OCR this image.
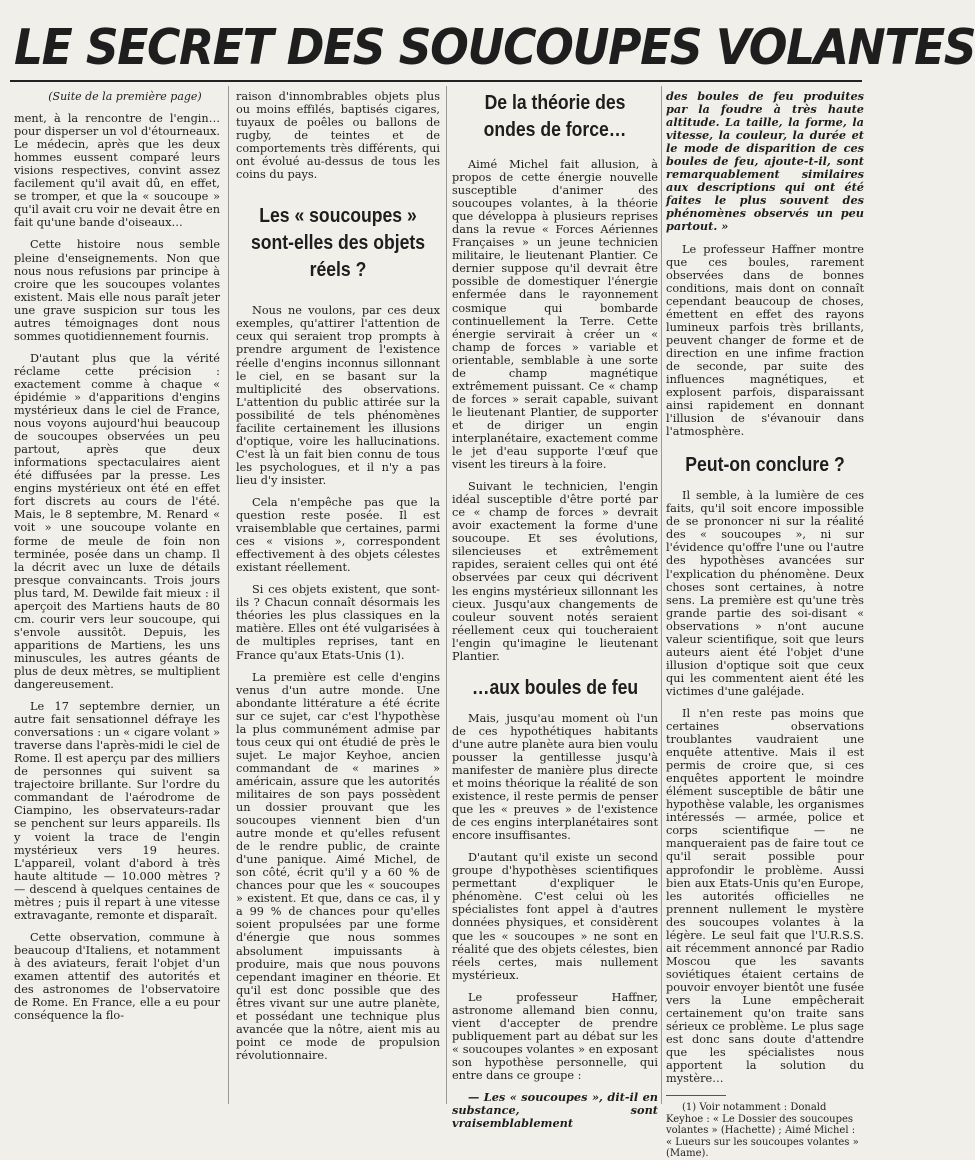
LE SECRET DES SOUCOUPES VOLANTES

(Suite de la première page)

ment, à la rencontre de l'engin… pour disperser un vol d'étourneaux. Le médecin, après que les deux hommes eussent comparé leurs visions respectives, convint assez facilement qu'il avait dû, en effet, se tromper, et que la « soucoupe » qu'il avait cru voir ne devait être en fait qu'une bande d'oiseaux…

Cette histoire nous semble pleine d'enseignements. Non que nous nous refusions par principe à croire que les soucoupes volantes existent. Mais elle nous paraît jeter une grave suspicion sur tous les autres témoignages dont nous sommes quotidiennement fournis.

D'autant plus que la vérité réclame cette précision : exactement comme à chaque « épidémie » d'apparitions d'engins mystérieux dans le ciel de France, nous voyons aujourd'hui beaucoup de soucoupes observées un peu partout, après que deux informations spectaculaires aient été diffusées par la presse. Les engins mystérieux ont été en effet fort discrets au cours de l'été. Mais, le 8 septembre, M. Renard « voit » une soucoupe volante en forme de meule de foin non terminée, posée dans un champ. Il la décrit avec un luxe de détails presque convaincants. Trois jours plus tard, M. Dewilde fait mieux : il aperçoit des Martiens hauts de 80 cm. courir vers leur soucoupe, qui s'envole aussitôt. Depuis, les apparitions de Martiens, les uns minuscules, les autres géants de plus de deux mètres, se multiplient dangereusement.

Le 17 septembre dernier, un autre fait sensationnel défraye les conversations : un « cigare volant » traverse dans l'après-midi le ciel de Rome. Il est aperçu par des milliers de personnes qui suivent sa trajectoire brillante. Sur l'ordre du commandant de l'aérodrome de Ciampino, les observateurs-radar se penchent sur leurs appareils. Ils y voient la trace de l'engin mystérieux vers 19 heures. L'appareil, volant d'abord à très haute altitude — 10.000 mètres ? — descend à quelques centaines de mètres ; puis il repart à une vitesse extravagante, remonte et disparaît.

Cette observation, commune à beaucoup d'Italiens, et notamment à des aviateurs, ferait l'objet d'un examen attentif des autorités et des astronomes de l'observatoire de Rome. En France, elle a eu pour conséquence la flo-

raison d'innombrables objets plus ou moins effilés, baptisés cigares, tuyaux de poêles ou ballons de rugby, de teintes et de comportements très différents, qui ont évolué au-dessus de tous les coins du pays.

Les « soucoupes » sont-elles des objets réels ?

Nous ne voulons, par ces deux exemples, qu'attirer l'attention de ceux qui seraient trop prompts à prendre argument de l'existence réelle d'engins inconnus sillonnant le ciel, en se basant sur la multiplicité des observations. L'attention du public attirée sur la possibilité de tels phénomènes facilite certainement les illusions d'optique, voire les hallucinations. C'est là un fait bien connu de tous les psychologues, et il n'y a pas lieu d'y insister.

Cela n'empêche pas que la question reste posée. Il est vraisemblable que certaines, parmi ces « visions », correspondent effectivement à des objets célestes existant réellement.

Si ces objets existent, que sont-ils ? Chacun connaît désormais les théories les plus classiques en la matière. Elles ont été vulgarisées à de multiples reprises, tant en France qu'aux Etats-Unis (1).

La première est celle d'engins venus d'un autre monde. Une abondante littérature a été écrite sur ce sujet, car c'est l'hypothèse la plus communément admise par tous ceux qui ont étudié de près le sujet. Le major Keyhoe, ancien commandant de « marines » américain, assure que les autorités militaires de son pays possèdent un dossier prouvant que les soucoupes viennent bien d'un autre monde et qu'elles refusent de le rendre public, de crainte d'une panique. Aimé Michel, de son côté, écrit qu'il y a 60 % de chances pour que les « soucoupes » existent. Et que, dans ce cas, il y a 99 % de chances pour qu'elles soient propulsées par une forme d'énergie que nous sommes absolument impuissants à produire, mais que nous pouvons cependant imaginer en théorie. Et qu'il est donc possible que des êtres vivant sur une autre planète, et possédant une technique plus avancée que la nôtre, aient mis au point ce mode de propulsion révolutionnaire.

De la théorie des ondes de force…

Aimé Michel fait allusion, à propos de cette énergie nouvelle susceptible d'animer des soucoupes volantes, à la théorie que développa à plusieurs reprises dans la revue « Forces Aériennes Françaises » un jeune technicien militaire, le lieutenant Plantier. Ce dernier suppose qu'il devrait être possible de domestiquer l'énergie enfermée dans le rayonnement cosmique qui bombarde continuellement la Terre. Cette énergie servirait à créer un « champ de forces » variable et orientable, semblable à une sorte de champ magnétique extrêmement puissant. Ce « champ de forces » serait capable, suivant le lieutenant Plantier, de supporter et de diriger un engin interplanétaire, exactement comme le jet d'eau supporte l'œuf que visent les tireurs à la foire.

Suivant le technicien, l'engin idéal susceptible d'être porté par ce « champ de forces » devrait avoir exactement la forme d'une soucoupe. Et ses évolutions, silencieuses et extrêmement rapides, seraient celles qui ont été observées par ceux qui décrivent les engins mystérieux sillonnant les cieux. Jusqu'aux changements de couleur souvent notés seraient réellement ceux qui toucheraient l'engin qu'imagine le lieutenant Plantier.

…aux boules de feu

Mais, jusqu'au moment où l'un de ces hypothétiques habitants d'une autre planète aura bien voulu pousser la gentillesse jusqu'à manifester de manière plus directe et moins théorique la réalité de son existence, il reste permis de penser que les « preuves » de l'existence de ces engins interplanétaires sont encore insuffisantes.

D'autant qu'il existe un second groupe d'hypothèses scientifiques permettant d'expliquer le phénomène. C'est celui où les spécialistes font appel à d'autres données physiques, et considèrent que les « soucoupes » ne sont en réalité que des objets célestes, bien réels certes, mais nullement mystérieux.

Le professeur Haffner, astronome allemand bien connu, vient d'accepter de prendre publiquement part au débat sur les « soucoupes volantes » en exposant son hypothèse personnelle, qui entre dans ce groupe :

— Les « soucoupes », dit-il en substance, sont vraisemblablement

des boules de feu produites par la foudre à très haute altitude. La taille, la forme, la vitesse, la couleur, la durée et le mode de disparition de ces boules de feu, ajoute-t-il, sont remarquablement similaires aux descriptions qui ont été faites le plus souvent des phénomènes observés un peu partout. »

Le professeur Haffner montre que ces boules, rarement observées dans de bonnes conditions, mais dont on connaît cependant beaucoup de choses, émettent en effet des rayons lumineux parfois très brillants, peuvent changer de forme et de direction en une infime fraction de seconde, par suite des influences magnétiques, et explosent parfois, disparaissant ainsi rapidement en donnant l'illusion de s'évanouir dans l'atmosphère.

Peut-on conclure ?

Il semble, à la lumière de ces faits, qu'il soit encore impossible de se prononcer ni sur la réalité des « soucoupes », ni sur l'évidence qu'offre l'une ou l'autre des hypothèses avancées sur l'explication du phénomène. Deux choses sont certaines, à notre sens. La première est qu'une très grande partie des soi-disant « observations » n'ont aucune valeur scientifique, soit que leurs auteurs aient été l'objet d'une illusion d'optique soit que ceux qui les commentent aient été les victimes d'une galéjade.

Il n'en reste pas moins que certaines observations troublantes vaudraient une enquête attentive. Mais il est permis de croire que, si ces enquêtes apportent le moindre élément susceptible de bâtir une hypothèse valable, les organismes intéressés — armée, police et corps scientifique — ne manqueraient pas de faire tout ce qu'il serait possible pour approfondir le problème. Aussi bien aux Etats-Unis qu'en Europe, les autorités officielles ne prennent nullement le mystère des soucoupes volantes à la légère. Le seul fait que l'U.R.S.S. ait récemment annoncé par Radio Moscou que les savants soviétiques étaient certains de pouvoir envoyer bientôt une fusée vers la Lune empêcherait certainement qu'on traite sans sérieux ce problème. Le plus sage est donc sans doute d'attendre que les spécialistes nous apportent la solution du mystère…

(1) Voir notamment : Donald Keyhoe : « Le Dossier des soucoupes volantes » (Hachette) ; Aimé Michel : « Lueurs sur les soucoupes volantes » (Mame).
